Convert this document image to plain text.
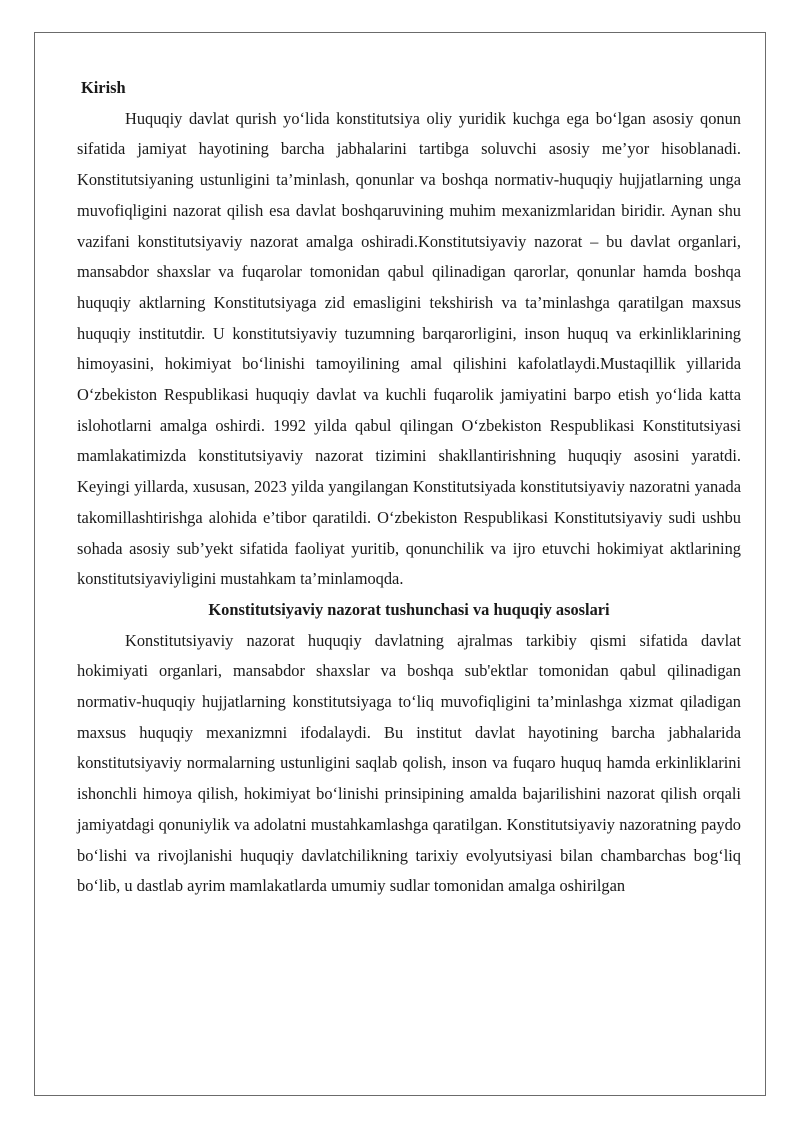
Kirish

Huquqiy davlat qurish yo‘lida konstitutsiya oliy yuridik kuchga ega bo‘lgan asosiy qonun sifatida jamiyat hayotining barcha jabhalarini tartibga soluvchi asosiy me’yor hisoblanadi. Konstitutsiyaning ustunligini ta’minlash, qonunlar va boshqa normativ-huquqiy hujjatlarning unga muvofiqligini nazorat qilish esa davlat boshqaruvining muhim mexanizmlaridan biridir. Aynan shu vazifani konstitutsiyaviy nazorat amalga oshiradi.Konstitutsiyaviy nazorat – bu davlat organlari, mansabdor shaxslar va fuqarolar tomonidan qabul qilinadigan qarorlar, qonunlar hamda boshqa huquqiy aktlarning Konstitutsiyaga zid emasligini tekshirish va ta’minlashga qaratilgan maxsus huquqiy institutdir. U konstitutsiyaviy tuzumning barqarorligini, inson huquq va erkinliklarining himoyasini, hokimiyat bo‘linishi tamoyilining amal qilishini kafolatlaydi.Mustaqillik yillarida O‘zbekiston Respublikasi huquqiy davlat va kuchli fuqarolik jamiyatini barpo etish yo‘lida katta islohotlarni amalga oshirdi. 1992 yilda qabul qilingan O‘zbekiston Respublikasi Konstitutsiyasi mamlakatimizda konstitutsiyaviy nazorat tizimini shakllantirishning huquqiy asosini yaratdi. Keyingi yillarda, xususan, 2023 yilda yangilangan Konstitutsiyada konstitutsiyaviy nazoratni yanada takomillashtirishga alohida e’tibor qaratildi. O‘zbekiston Respublikasi Konstitutsiyaviy sudi ushbu sohada asosiy sub’yekt sifatida faoliyat yuritib, qonunchilik va ijro etuvchi hokimiyat aktlarining konstitutsiyaviyligini mustahkam ta’minlamoqda.

Konstitutsiyaviy nazorat tushunchasi va huquqiy asoslari

Konstitutsiyaviy nazorat huquqiy davlatning ajralmas tarkibiy qismi sifatida davlat hokimiyati organlari, mansabdor shaxslar va boshqa sub'ektlar tomonidan qabul qilinadigan normativ-huquqiy hujjatlarning konstitutsiyaga to‘liq muvofiqligini ta’minlashga xizmat qiladigan maxsus huquqiy mexanizmni ifodalaydi. Bu institut davlat hayotining barcha jabhalarida konstitutsiyaviy normalarning ustunligini saqlab qolish, inson va fuqaro huquq hamda erkinliklarini ishonchli himoya qilish, hokimiyat bo‘linishi prinsipining amalda bajarilishini nazorat qilish orqali jamiyatdagi qonuniylik va adolatni mustahkamlashga qaratilgan. Konstitutsiyaviy nazoratning paydo bo‘lishi va rivojlanishi huquqiy davlatchilikning tarixiy evolyutsiyasi bilan chambarchas bog‘liq bo‘lib, u dastlab ayrim mamlakatlarda umumiy sudlar tomonidan amalga oshirilgan
